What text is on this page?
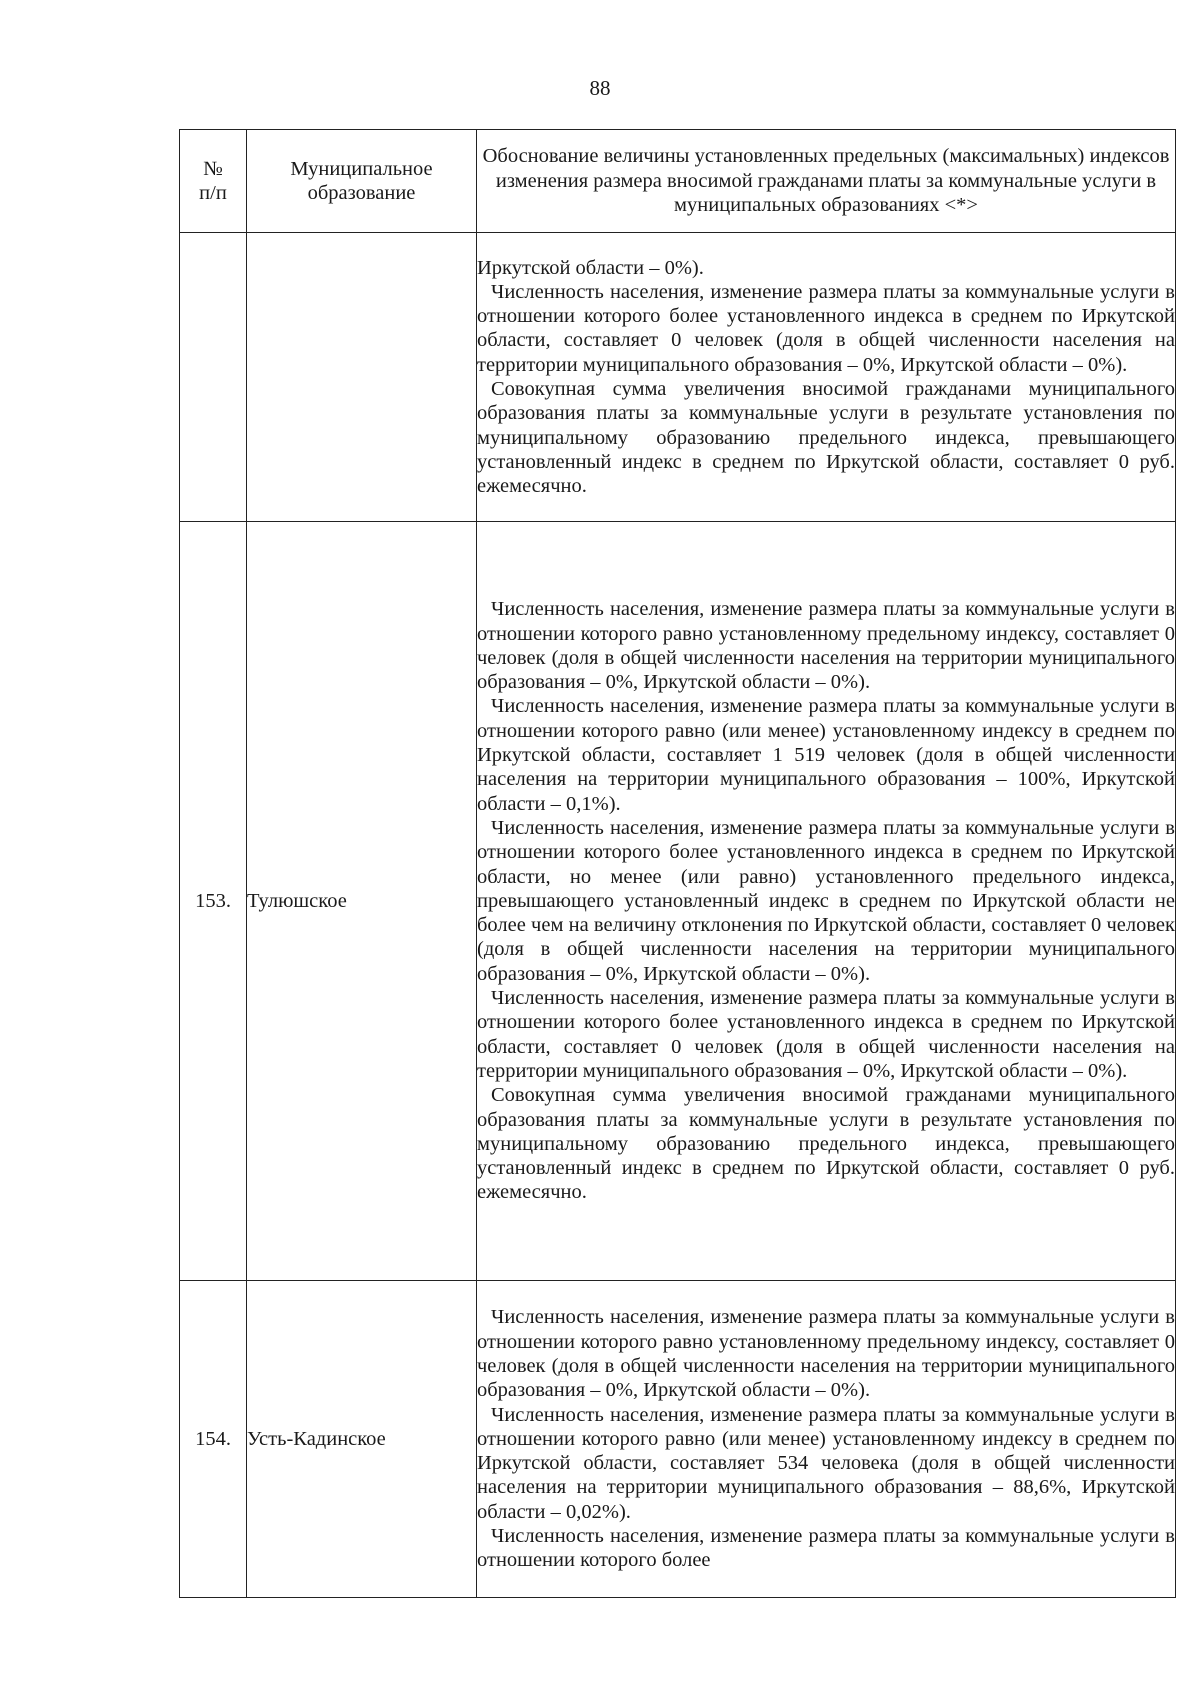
88
№
п/п	Муниципальное образование	Обоснование величины установленных предельных (максимальных) индексов изменения размера вносимой гражданами платы за коммунальные услуги в муниципальных образованиях <*>

		Иркутской области – 0%).

Численность населения, изменение размера платы за коммунальные услуги в отношении которого более установленного индекса в среднем по Иркутской области, составляет 0 человек (доля в общей численности населения на территории муниципального образования – 0%, Иркутской области – 0%).

Совокупная сумма увеличения вносимой гражданами муниципального образования платы за коммунальные услуги в результате установления по муниципальному образованию предельного индекса, превышающего установленный индекс в среднем по Иркутской области, составляет 0 руб. ежемесячно.

153.	Тулюшское	Численность населения, изменение размера платы за коммунальные услуги в отношении которого равно установленному предельному индексу, составляет 0 человек (доля в общей численности населения на территории муниципального образования – 0%, Иркутской области – 0%).

Численность населения, изменение размера платы за коммунальные услуги в отношении которого равно (или менее) установленному индексу в среднем по Иркутской области, составляет 1 519 человек (доля в общей численности населения на территории муниципального образования – 100%, Иркутской области – 0,1%).

Численность населения, изменение размера платы за коммунальные услуги в отношении которого более установленного индекса в среднем по Иркутской области, но менее (или равно) установленного предельного индекса, превышающего установленный индекс в среднем по Иркутской области не более чем на величину отклонения по Иркутской области, составляет 0 человек (доля в общей численности населения на территории муниципального образования – 0%, Иркутской области – 0%).

Численность населения, изменение размера платы за коммунальные услуги в отношении которого более установленного индекса в среднем по Иркутской области, составляет 0 человек (доля в общей численности населения на территории муниципального образования – 0%, Иркутской области – 0%).

Совокупная сумма увеличения вносимой гражданами муниципального образования платы за коммунальные услуги в результате установления по муниципальному образованию предельного индекса, превышающего установленный индекс в среднем по Иркутской области, составляет 0 руб. ежемесячно.

154.	Усть-Кадинское	Численность населения, изменение размера платы за коммунальные услуги в отношении которого равно установленному предельному индексу, составляет 0 человек (доля в общей численности населения на территории муниципального образования – 0%, Иркутской области – 0%).

Численность населения, изменение размера платы за коммунальные услуги в отношении которого равно (или менее) установленному индексу в среднем по Иркутской области, составляет 534 человека (доля в общей численности населения на территории муниципального образования – 88,6%, Иркутской области – 0,02%).

Численность населения, изменение размера платы за коммунальные услуги в отношении которого более
